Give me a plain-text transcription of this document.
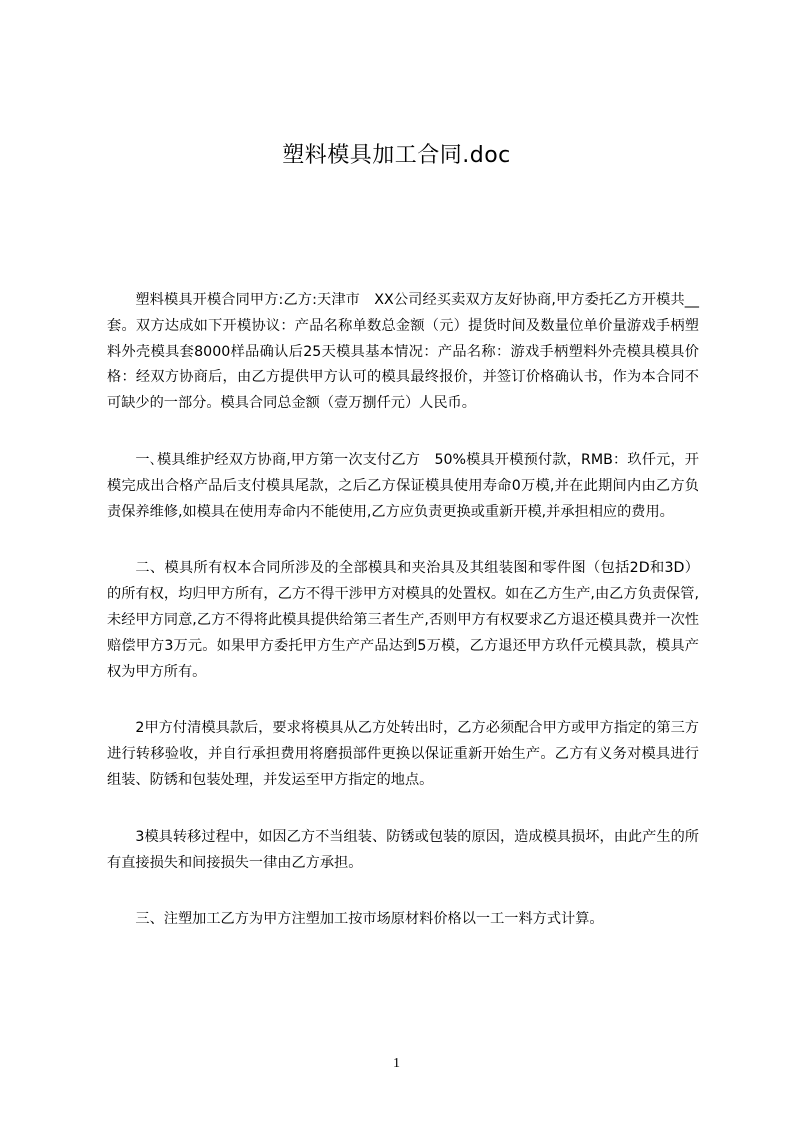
塑料模具加工合同.doc

塑料模具开模合同甲方:乙方:天津市　XX公司经买卖双方友好协商,甲方委托乙方开模共__套。双方达成如下开模协议：产品名称单数总金额（元）提货时间及数量位单价量游戏手柄塑料外壳模具套8000样品确认后25天模具基本情况：产品名称：游戏手柄塑料外壳模具模具价格：经双方协商后，由乙方提供甲方认可的模具最终报价，并签订价格确认书，作为本合同不可缺少的一部分。模具合同总金额（壹万捌仟元）人民币。

一､模具维护经双方协商,甲方第一次支付乙方　50%模具开模预付款，RMB：玖仟元，开模完成出合格产品后支付模具尾款，之后乙方保证模具使用寿命0万模,并在此期间内由乙方负责保养维修,如模具在使用寿命内不能使用,乙方应负责更换或重新开模,并承担相应的费用。

二、模具所有权本合同所涉及的全部模具和夹治具及其组装图和零件图（包括2D和3D）的所有权，均归甲方所有，乙方不得干涉甲方对模具的处置权。如在乙方生产,由乙方负责保管,未经甲方同意,乙方不得将此模具提供给第三者生产,否则甲方有权要求乙方退还模具费并一次性赔偿甲方3万元。如果甲方委托甲方生产产品达到5万模，乙方退还甲方玖仟元模具款，模具产权为甲方所有。

2甲方付清模具款后，要求将模具从乙方处转出时，乙方必须配合甲方或甲方指定的第三方进行转移验收，并自行承担费用将磨损部件更换以保证重新开始生产。乙方有义务对模具进行组装、防锈和包装处理，并发运至甲方指定的地点。

3模具转移过程中，如因乙方不当组装、防锈或包装的原因，造成模具损坏，由此产生的所有直接损失和间接损失一律由乙方承担。

三、注塑加工乙方为甲方注塑加工按市场原材料价格以一工一料方式计算。

1
